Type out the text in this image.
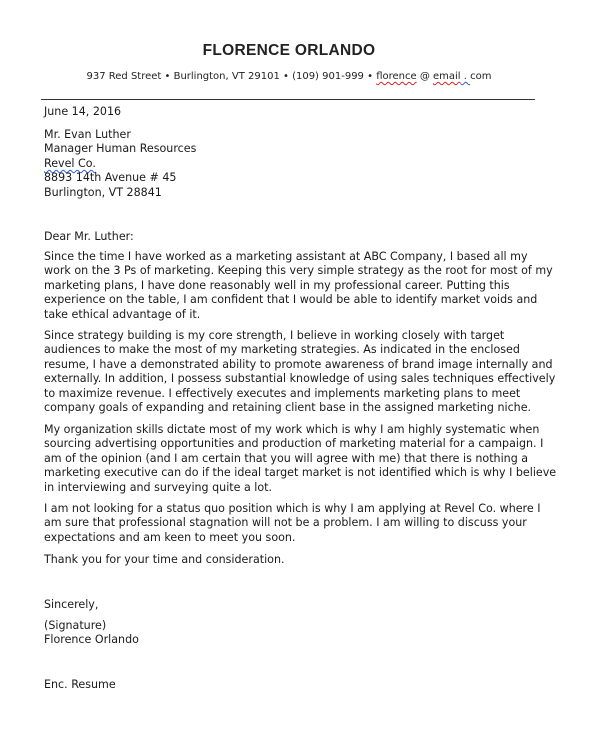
FLORENCE ORLANDO
937 Red Street • Burlington, VT 29101 • (109) 901-999 • florence @ email . com
June 14, 2016
Mr. Evan Luther
Manager Human Resources
Revel Co.
8893 14th Avenue # 45
Burlington, VT 28841
Dear Mr. Luther:
Since the time I have worked as a marketing assistant at ABC Company, I based all my
work on the 3 Ps of marketing. Keeping this very simple strategy as the root for most of my
marketing plans, I have done reasonably well in my professional career. Putting this
experience on the table, I am confident that I would be able to identify market voids and
take ethical advantage of it.
Since strategy building is my core strength, I believe in working closely with target
audiences to make the most of my marketing strategies. As indicated in the enclosed
resume, I have a demonstrated ability to promote awareness of brand image internally and
externally. In addition, I possess substantial knowledge of using sales techniques effectively
to maximize revenue. I effectively executes and implements marketing plans to meet
company goals of expanding and retaining client base in the assigned marketing niche.
My organization skills dictate most of my work which is why I am highly systematic when
sourcing advertising opportunities and production of marketing material for a campaign. I
am of the opinion (and I am certain that you will agree with me) that there is nothing a
marketing executive can do if the ideal target market is not identified which is why I believe
in interviewing and surveying quite a lot.
I am not looking for a status quo position which is why I am applying at Revel Co. where I
am sure that professional stagnation will not be a problem. I am willing to discuss your
expectations and am keen to meet you soon.
Thank you for your time and consideration.
Sincerely,
(Signature)
Florence Orlando
Enc. Resume
